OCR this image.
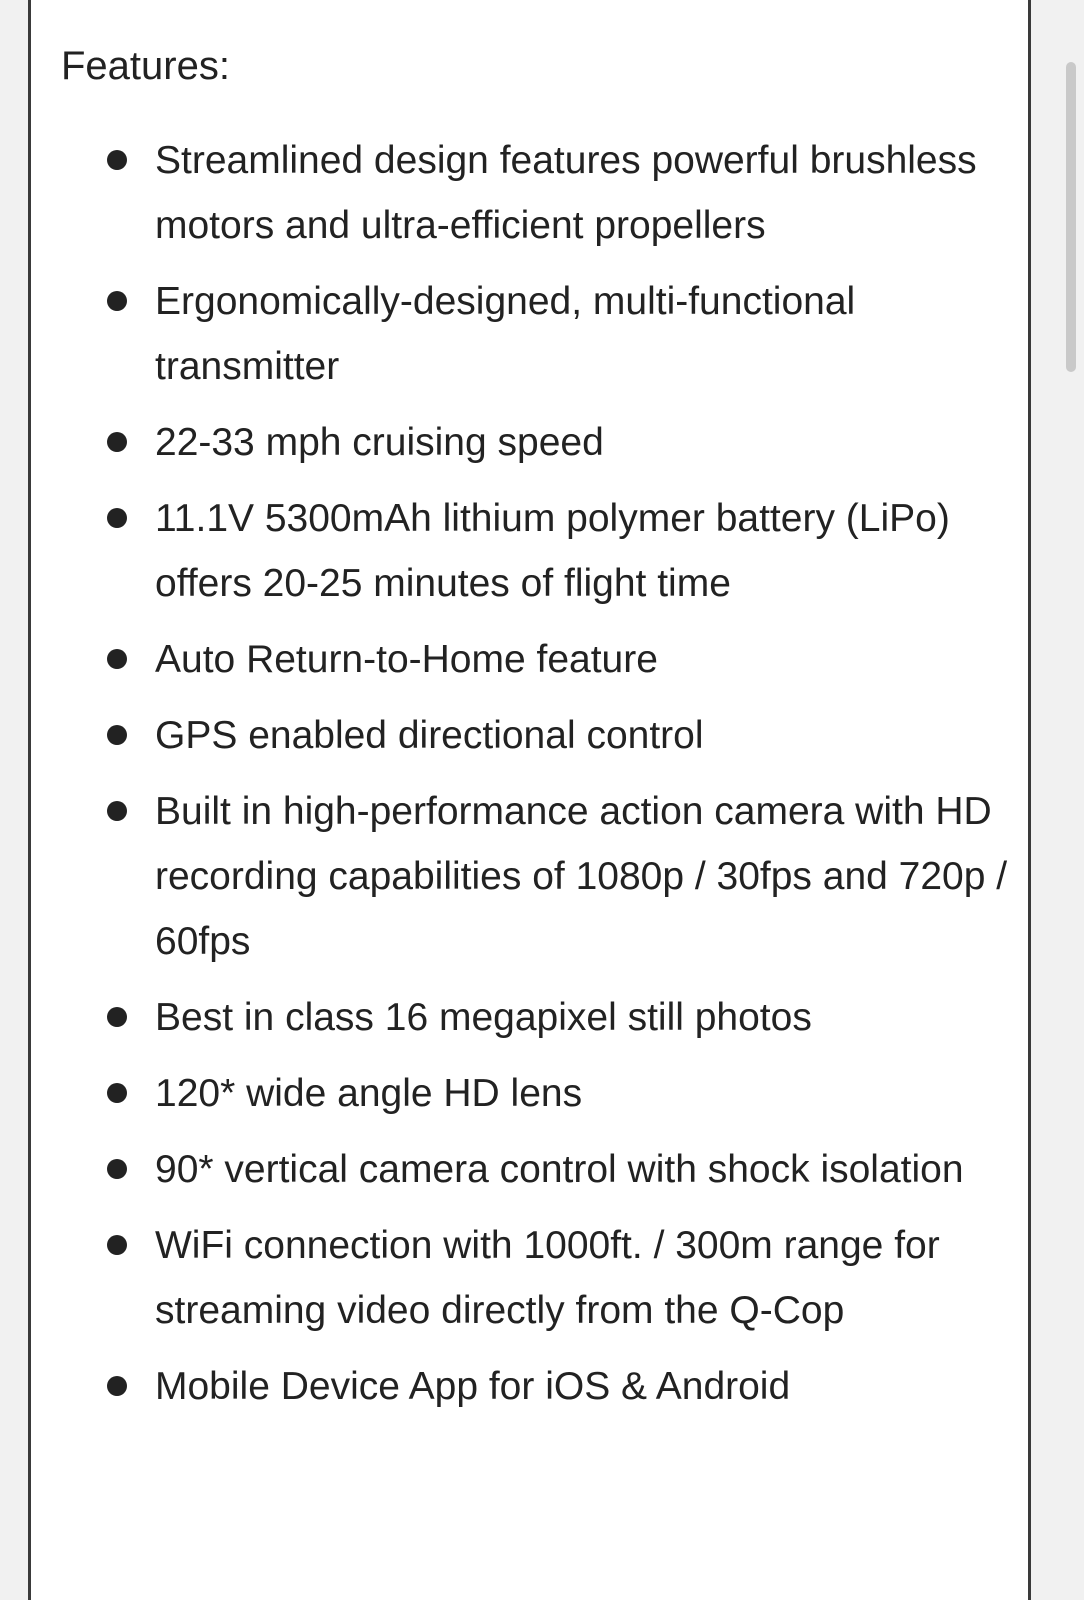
Features:
Streamlined design features powerful brushless motors and ultra-efficient propellers
Ergonomically-designed, multi-functional transmitter
22-33 mph cruising speed
11.1V 5300mAh lithium polymer battery (LiPo) offers 20-25 minutes of flight time
Auto Return-to-Home feature
GPS enabled directional control
Built in high-performance action camera with HD recording capabilities of 1080p / 30fps and 720p / 60fps
Best in class 16 megapixel still photos
120* wide angle HD lens
90* vertical camera control with shock isolation
WiFi connection with 1000ft. / 300m range for streaming video directly from the Q-Cop
Mobile Device App for iOS & Android
